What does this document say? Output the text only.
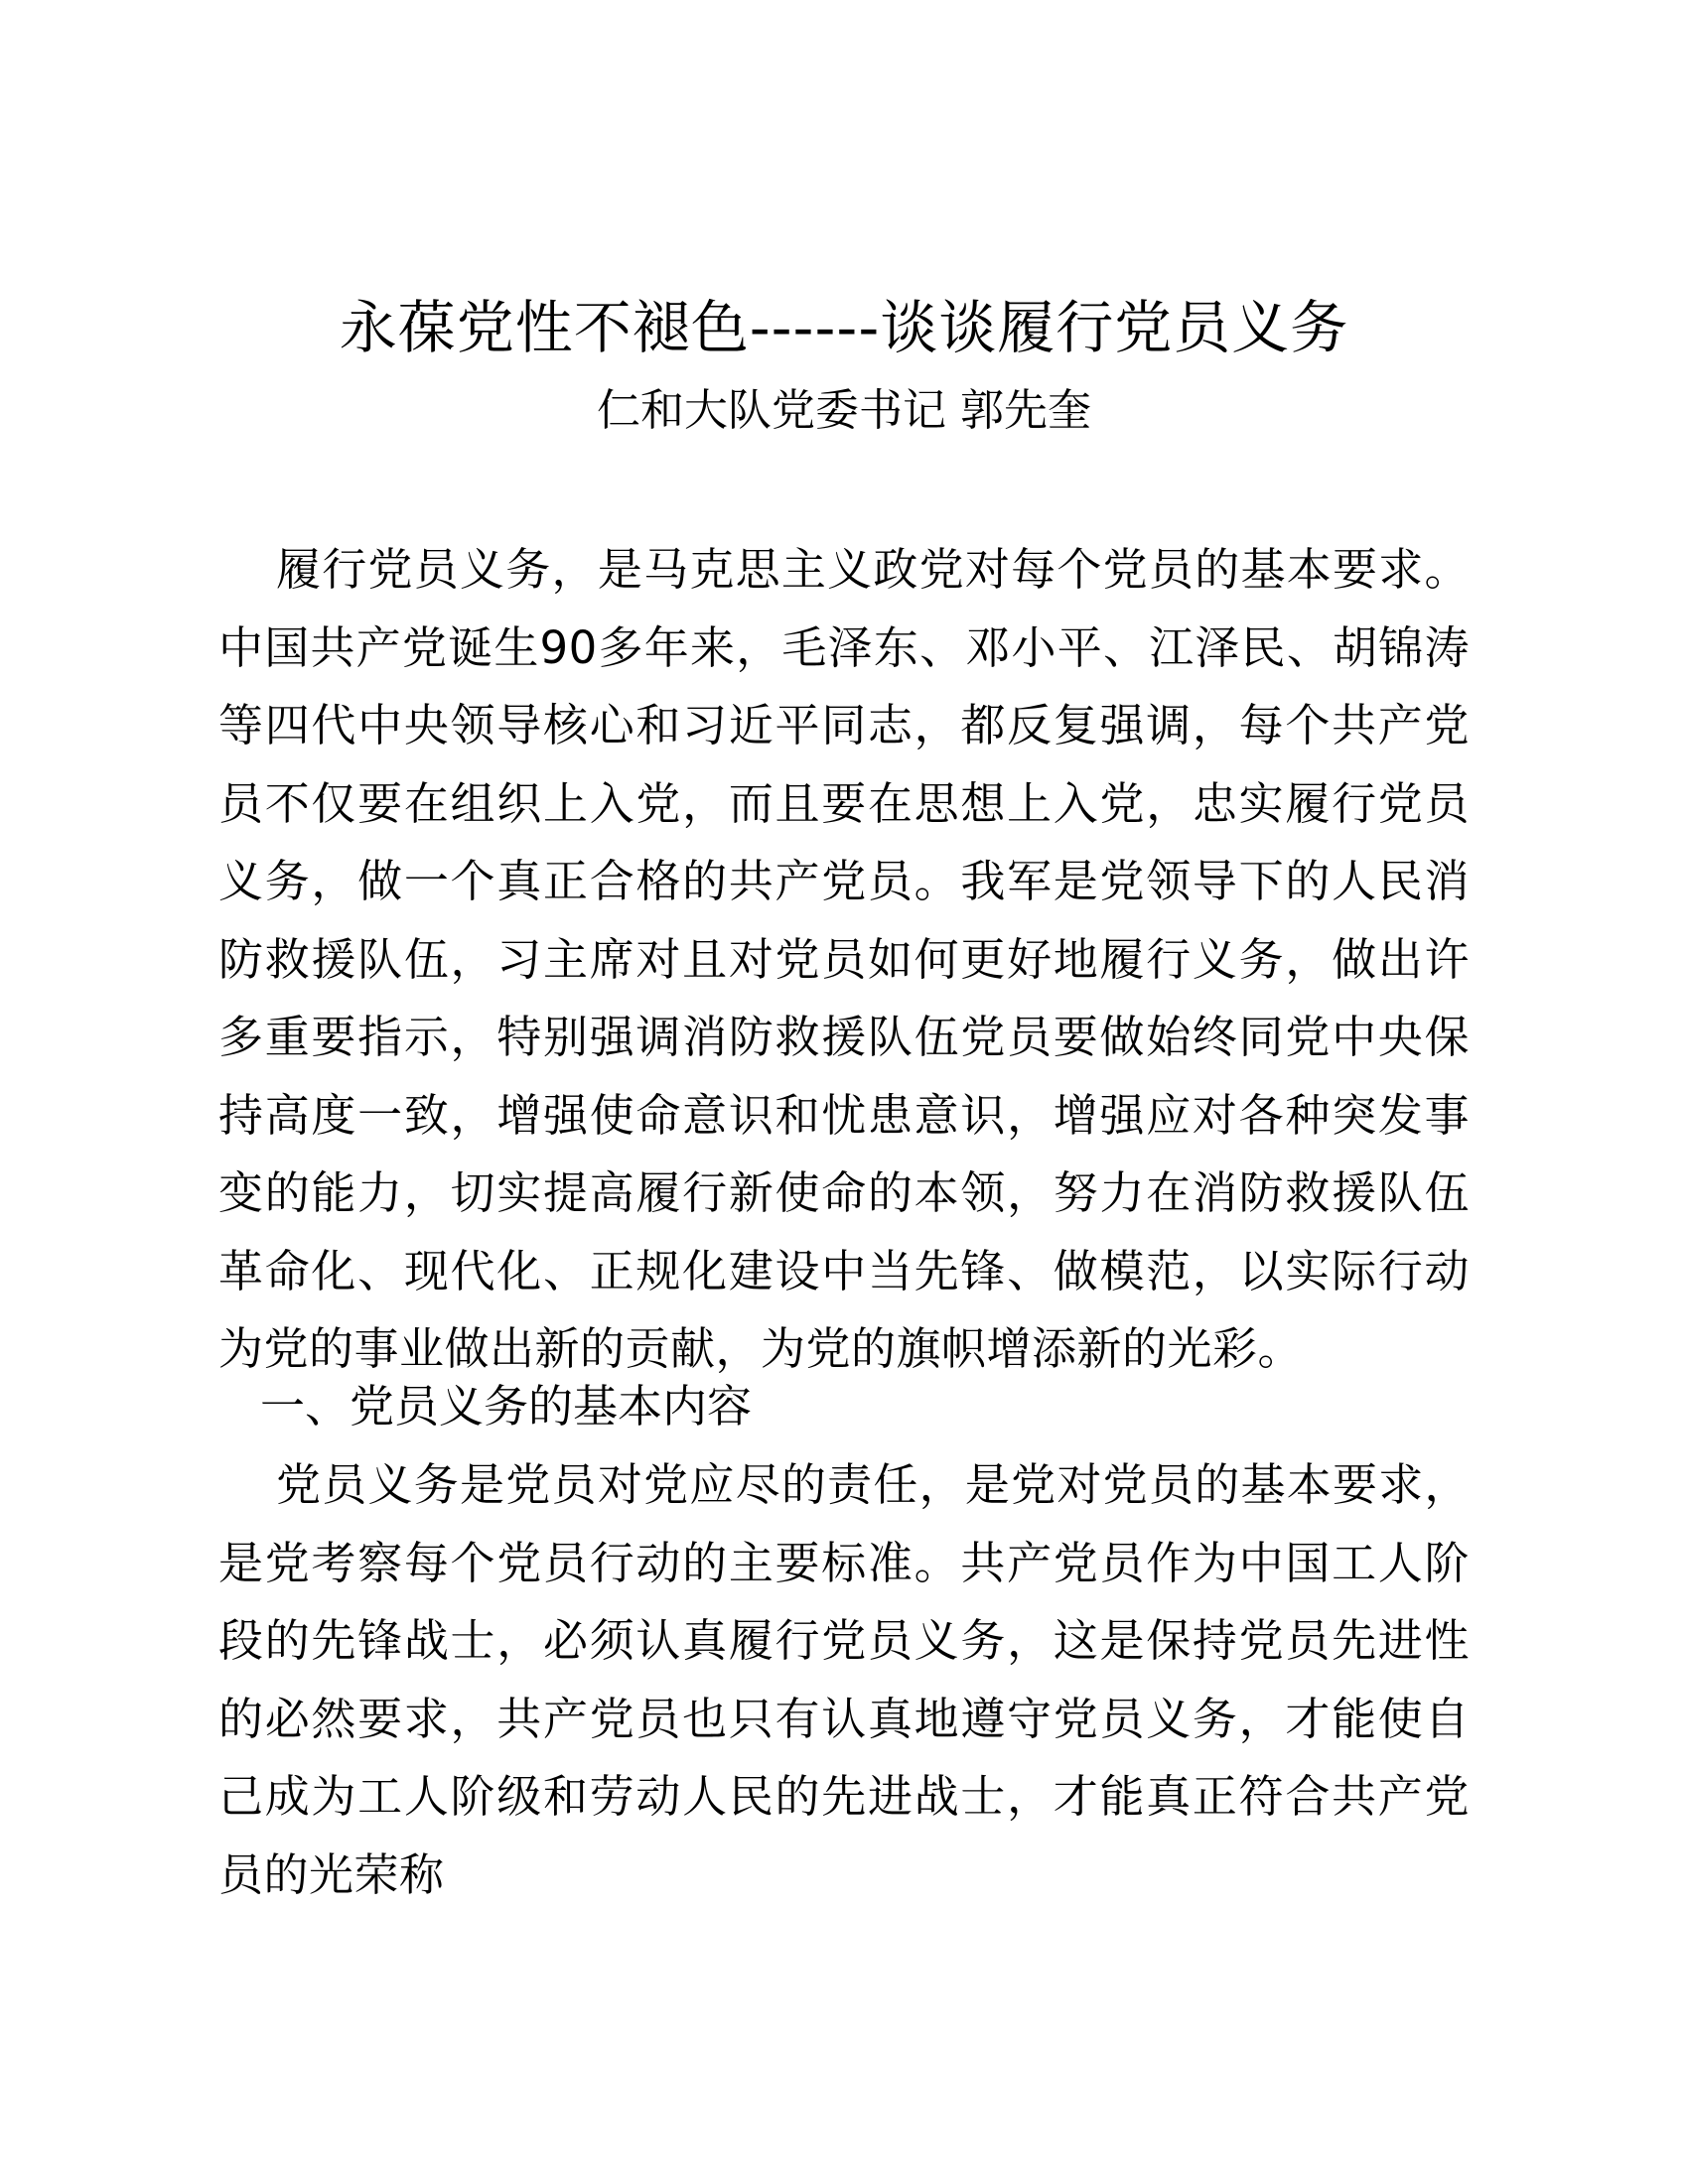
永葆党性不褪色------谈谈履行党员义务
仁和大队党委书记 郭先奎
履行党员义务，是马克思主义政党对每个党员的基本要求。中国共产党诞生90多年来，毛泽东、邓小平、江泽民、胡锦涛等四代中央领导核心和习近平同志，都反复强调，每个共产党员不仅要在组织上入党，而且要在思想上入党，忠实履行党员义务，做一个真正合格的共产党员。我军是党领导下的人民消防救援队伍，习主席对且对党员如何更好地履行义务，做出许多重要指示，特别强调消防救援队伍党员要做始终同党中央保持高度一致，增强使命意识和忧患意识，增强应对各种突发事变的能力，切实提高履行新使命的本领，努力在消防救援队伍革命化、现代化、正规化建设中当先锋、做模范，以实际行动为党的事业做出新的贡献，为党的旗帜增添新的光彩。
一、党员义务的基本内容
党员义务是党员对党应尽的责任，是党对党员的基本要求，是党考察每个党员行动的主要标准。共产党员作为中国工人阶段的先锋战士，必须认真履行党员义务，这是保持党员先进性的必然要求，共产党员也只有认真地遵守党员义务，才能使自己成为工人阶级和劳动人民的先进战士，才能真正符合共产党员的光荣称
